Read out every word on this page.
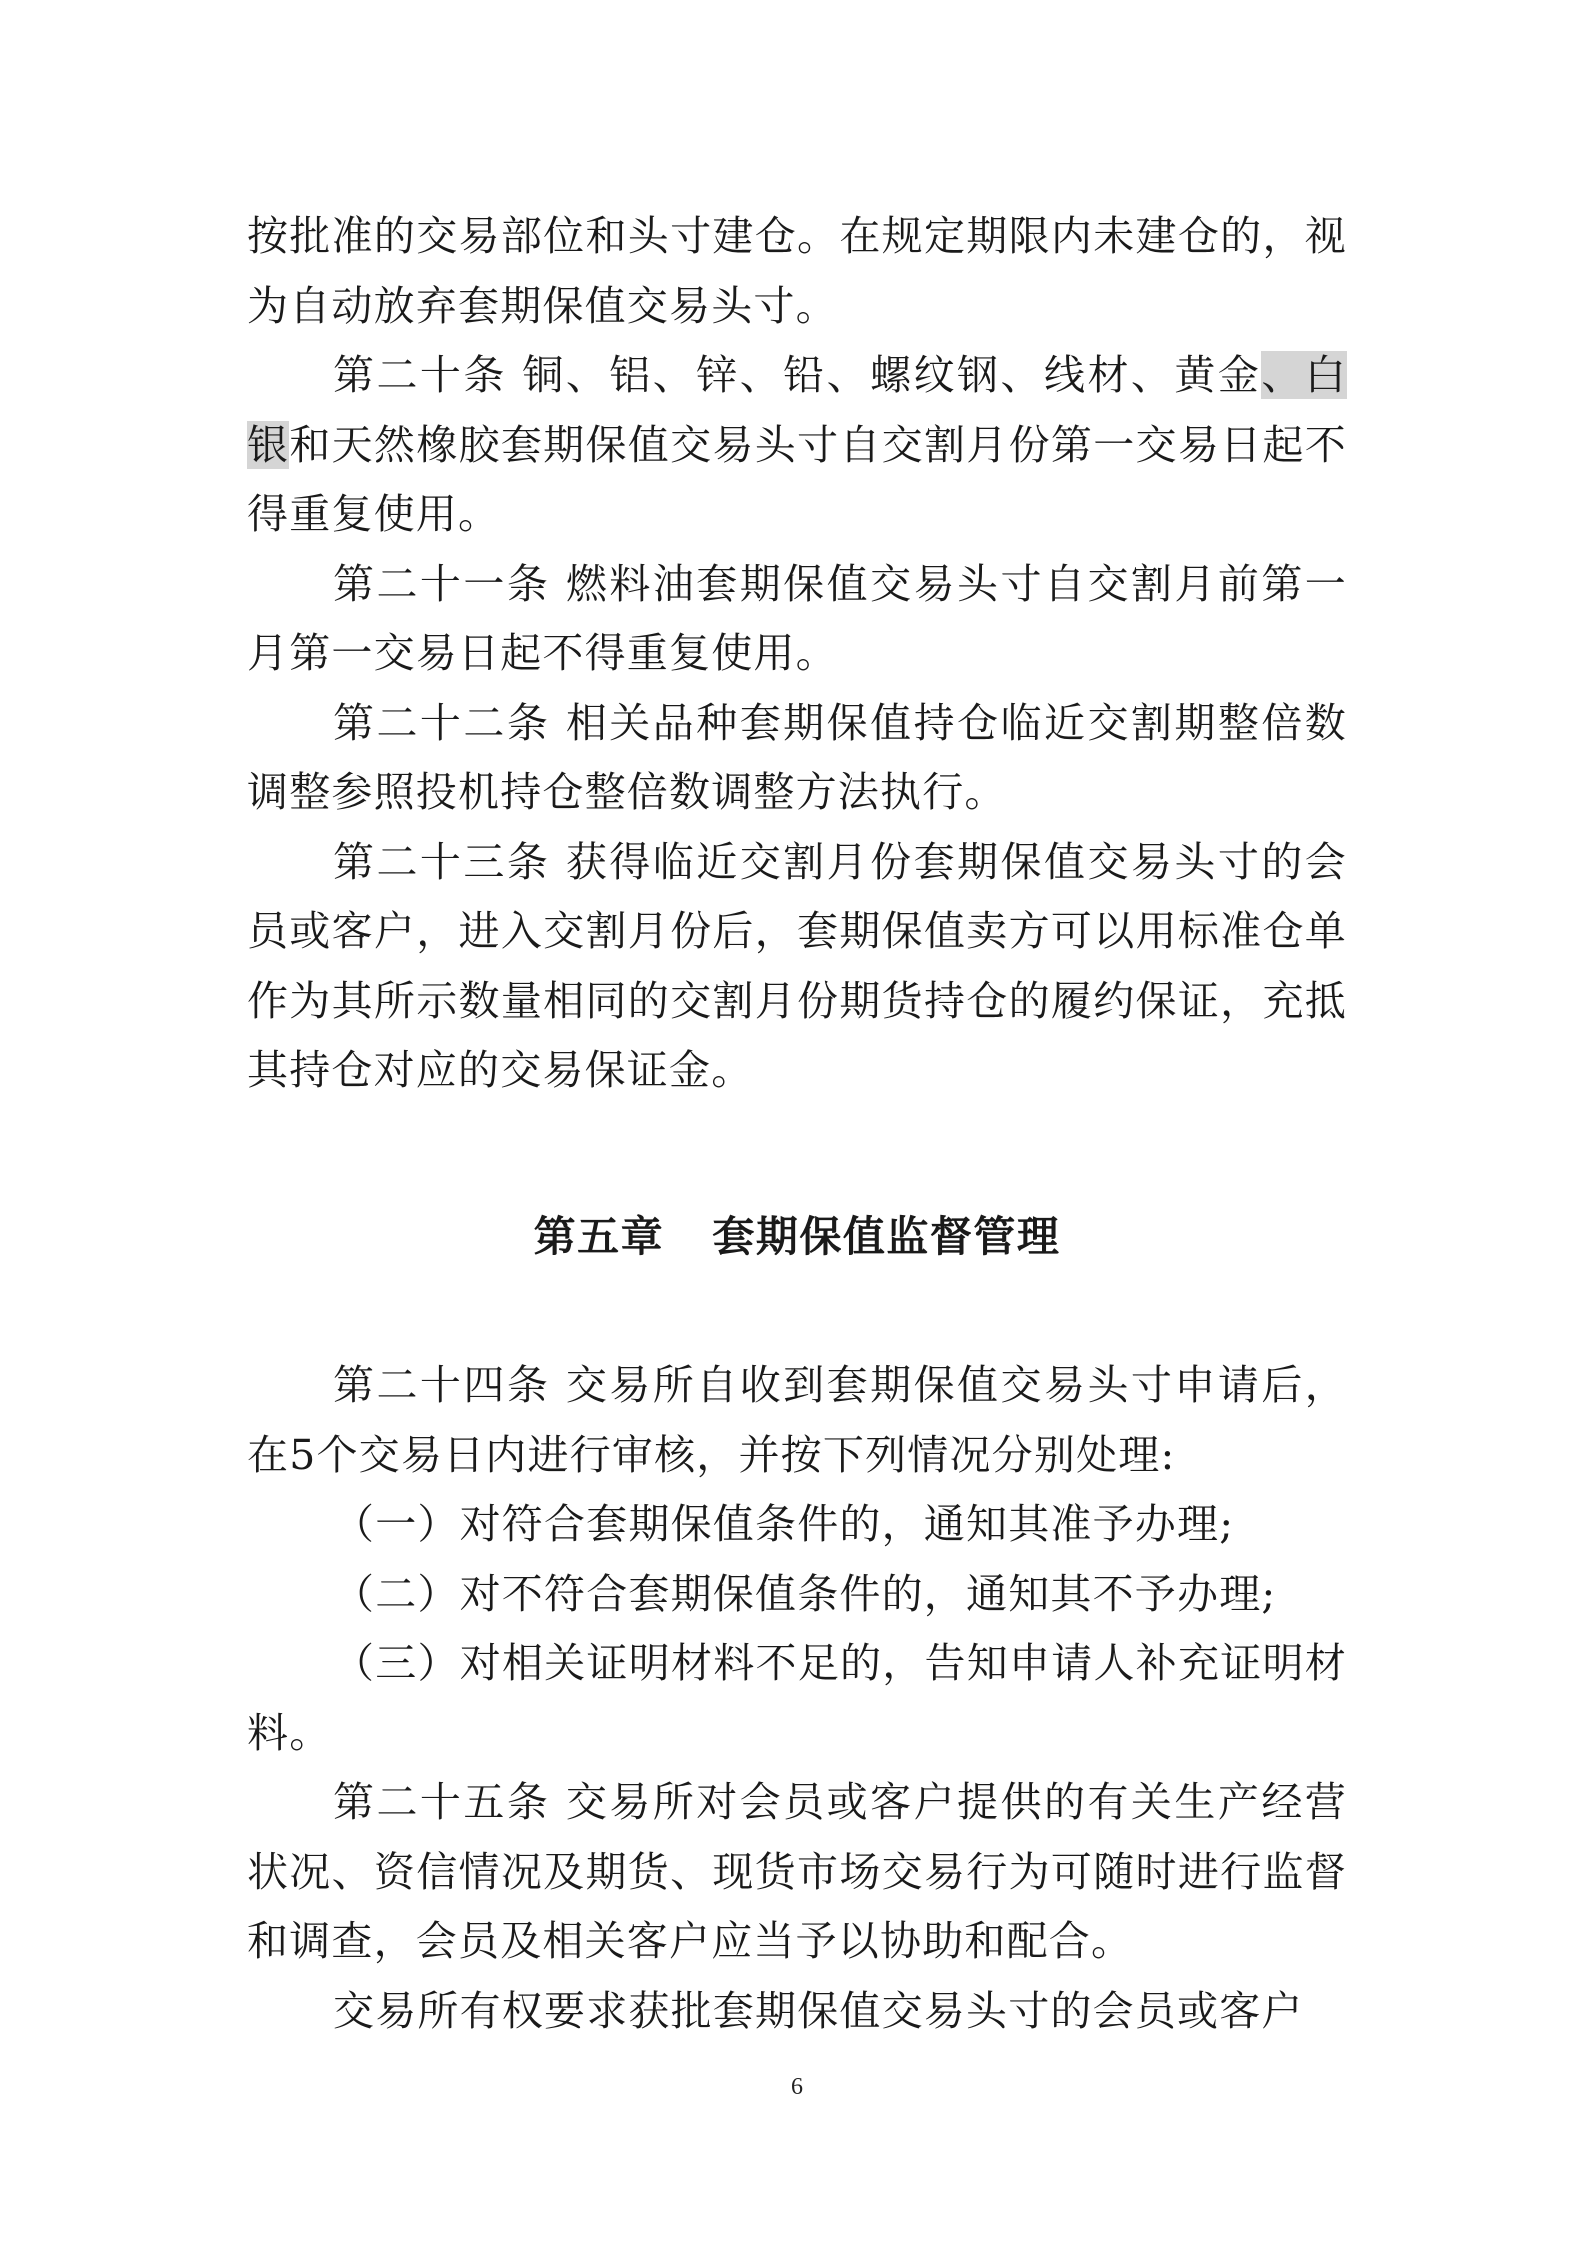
按批准的交易部位和头寸建仓。在规定期限内未建仓的，视为自动放弃套期保值交易头寸。

第二十条 铜、铝、锌、铅、螺纹钢、线材、黄金、白银和天然橡胶套期保值交易头寸自交割月份第一交易日起不得重复使用。

第二十一条 燃料油套期保值交易头寸自交割月前第一月第一交易日起不得重复使用。

第二十二条 相关品种套期保值持仓临近交割期整倍数调整参照投机持仓整倍数调整方法执行。

第二十三条 获得临近交割月份套期保值交易头寸的会员或客户，进入交割月份后，套期保值卖方可以用标准仓单作为其所示数量相同的交割月份期货持仓的履约保证，充抵其持仓对应的交易保证金。

第五章   套期保值监督管理

第二十四条 交易所自收到套期保值交易头寸申请后，在5个交易日内进行审核，并按下列情况分别处理:

（一）对符合套期保值条件的，通知其准予办理;

（二）对不符合套期保值条件的，通知其不予办理;

（三）对相关证明材料不足的，告知申请人补充证明材料。

第二十五条 交易所对会员或客户提供的有关生产经营状况、资信情况及期货、现货市场交易行为可随时进行监督和调查，会员及相关客户应当予以协助和配合。

交易所有权要求获批套期保值交易头寸的会员或客户

6
